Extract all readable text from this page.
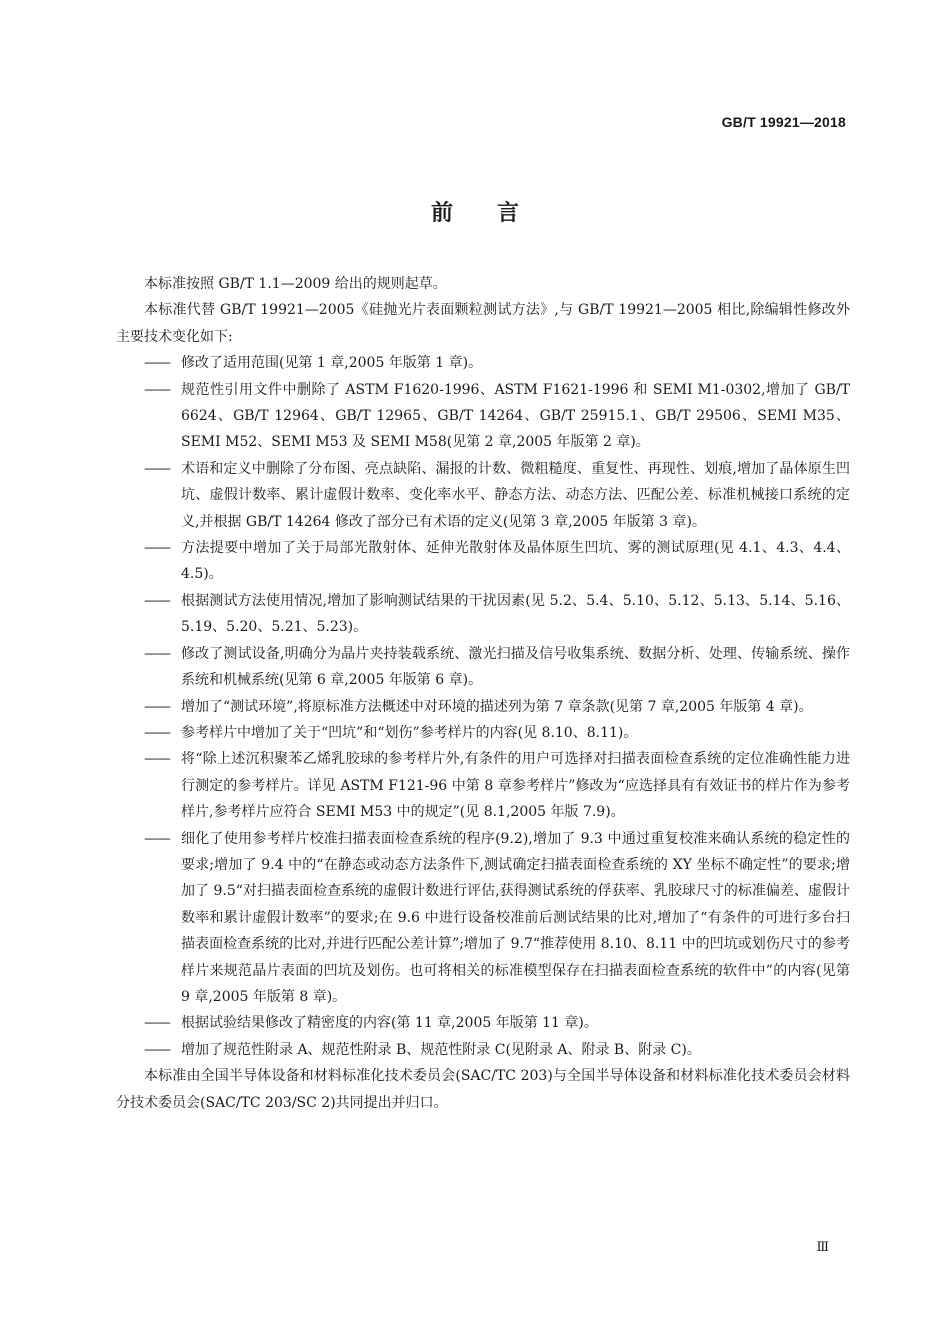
GB/T 19921—2018
前言

本标准按照 GB/T 1.1—2009 给出的规则起草。

本标准代替 GB/T 19921—2005《硅抛光片表面颗粒测试方法》,与 GB/T 19921—2005 相比,除编辑性修改外主要技术变化如下:

—— 修改了适用范围(见第 1 章,2005 年版第 1 章)。

—— 规范性引用文件中删除了 ASTM F1620-1996、ASTM F1621-1996 和 SEMI M1-0302,增加了 GB/T 6624、GB/T 12964、GB/T 12965、GB/T 14264、GB/T 25915.1、GB/T 29506、SEMI M35、SEMI M52、SEMI M53 及 SEMI M58(见第 2 章,2005 年版第 2 章)。

—— 术语和定义中删除了分布图、亮点缺陷、漏报的计数、微粗糙度、重复性、再现性、划痕,增加了晶体原生凹坑、虚假计数率、累计虚假计数率、变化率水平、静态方法、动态方法、匹配公差、标准机械接口系统的定义,并根据 GB/T 14264 修改了部分已有术语的定义(见第 3 章,2005 年版第 3 章)。

—— 方法提要中增加了关于局部光散射体、延伸光散射体及晶体原生凹坑、雾的测试原理(见 4.1、4.3、4.4、4.5)。

—— 根据测试方法使用情况,增加了影响测试结果的干扰因素(见 5.2、5.4、5.10、5.12、5.13、5.14、5.16、5.19、5.20、5.21、5.23)。

—— 修改了测试设备,明确分为晶片夹持装载系统、激光扫描及信号收集系统、数据分析、处理、传输系统、操作系统和机械系统(见第 6 章,2005 年版第 6 章)。

—— 增加了“测试环境”,将原标准方法概述中对环境的描述列为第 7 章条款(见第 7 章,2005 年版第 4 章)。

—— 参考样片中增加了关于“凹坑”和“划伤”参考样片的内容(见 8.10、8.11)。

—— 将“除上述沉积聚苯乙烯乳胶球的参考样片外,有条件的用户可选择对扫描表面检查系统的定位准确性能力进行测定的参考样片。详见 ASTM F121-96 中第 8 章参考样片”修改为“应选择具有有效证书的样片作为参考样片,参考样片应符合 SEMI M53 中的规定”(见 8.1,2005 年版 7.9)。

—— 细化了使用参考样片校准扫描表面检查系统的程序(9.2),增加了 9.3 中通过重复校准来确认系统的稳定性的要求;增加了 9.4 中的“在静态或动态方法条件下,测试确定扫描表面检查系统的 XY 坐标不确定性”的要求;增加了 9.5“对扫描表面检查系统的虚假计数进行评估,获得测试系统的俘获率、乳胶球尺寸的标准偏差、虚假计数率和累计虚假计数率”的要求;在 9.6 中进行设备校准前后测试结果的比对,增加了“有条件的可进行多台扫描表面检查系统的比对,并进行匹配公差计算”;增加了 9.7“推荐使用 8.10、8.11 中的凹坑或划伤尺寸的参考样片来规范晶片表面的凹坑及划伤。也可将相关的标准模型保存在扫描表面检查系统的软件中”的内容(见第 9 章,2005 年版第 8 章)。

—— 根据试验结果修改了精密度的内容(第 11 章,2005 年版第 11 章)。

—— 增加了规范性附录 A、规范性附录 B、规范性附录 C(见附录 A、附录 B、附录 C)。

本标准由全国半导体设备和材料标准化技术委员会(SAC/TC 203)与全国半导体设备和材料标准化技术委员会材料分技术委员会(SAC/TC 203/SC 2)共同提出并归口。

Ⅲ
